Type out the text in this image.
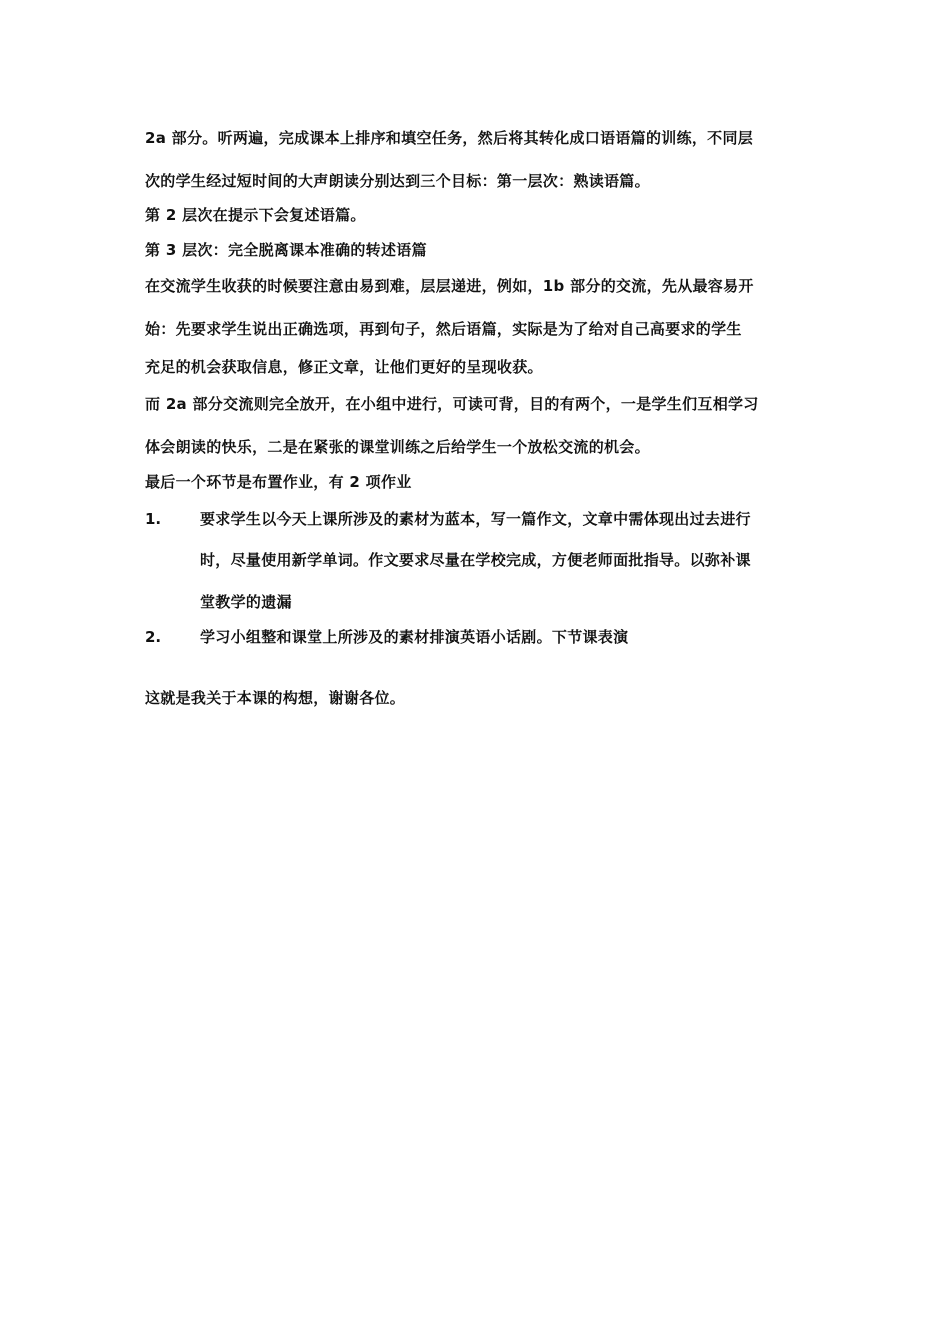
2a 部分。听两遍，完成课本上排序和填空任务，然后将其转化成口语语篇的训练，不同层
次的学生经过短时间的大声朗读分别达到三个目标：第一层次：熟读语篇。
第 2 层次在提示下会复述语篇。
第 3 层次：完全脱离课本准确的转述语篇
在交流学生收获的时候要注意由易到难，层层递进，例如，1b 部分的交流，先从最容易开
始：先要求学生说出正确选项，再到句子，然后语篇，实际是为了给对自己高要求的学生
充足的机会获取信息，修正文章，让他们更好的呈现收获。
而 2a 部分交流则完全放开，在小组中进行，可读可背，目的有两个，一是学生们互相学习
体会朗读的快乐，二是在紧张的课堂训练之后给学生一个放松交流的机会。
最后一个环节是布置作业，有 2 项作业
1.	要求学生以今天上课所涉及的素材为蓝本，写一篇作文，文章中需体现出过去进行
时，尽量使用新学单词。作文要求尽量在学校完成，方便老师面批指导。以弥补课
堂教学的遗漏
2.	学习小组整和课堂上所涉及的素材排演英语小话剧。下节课表演
这就是我关于本课的构想，谢谢各位。
